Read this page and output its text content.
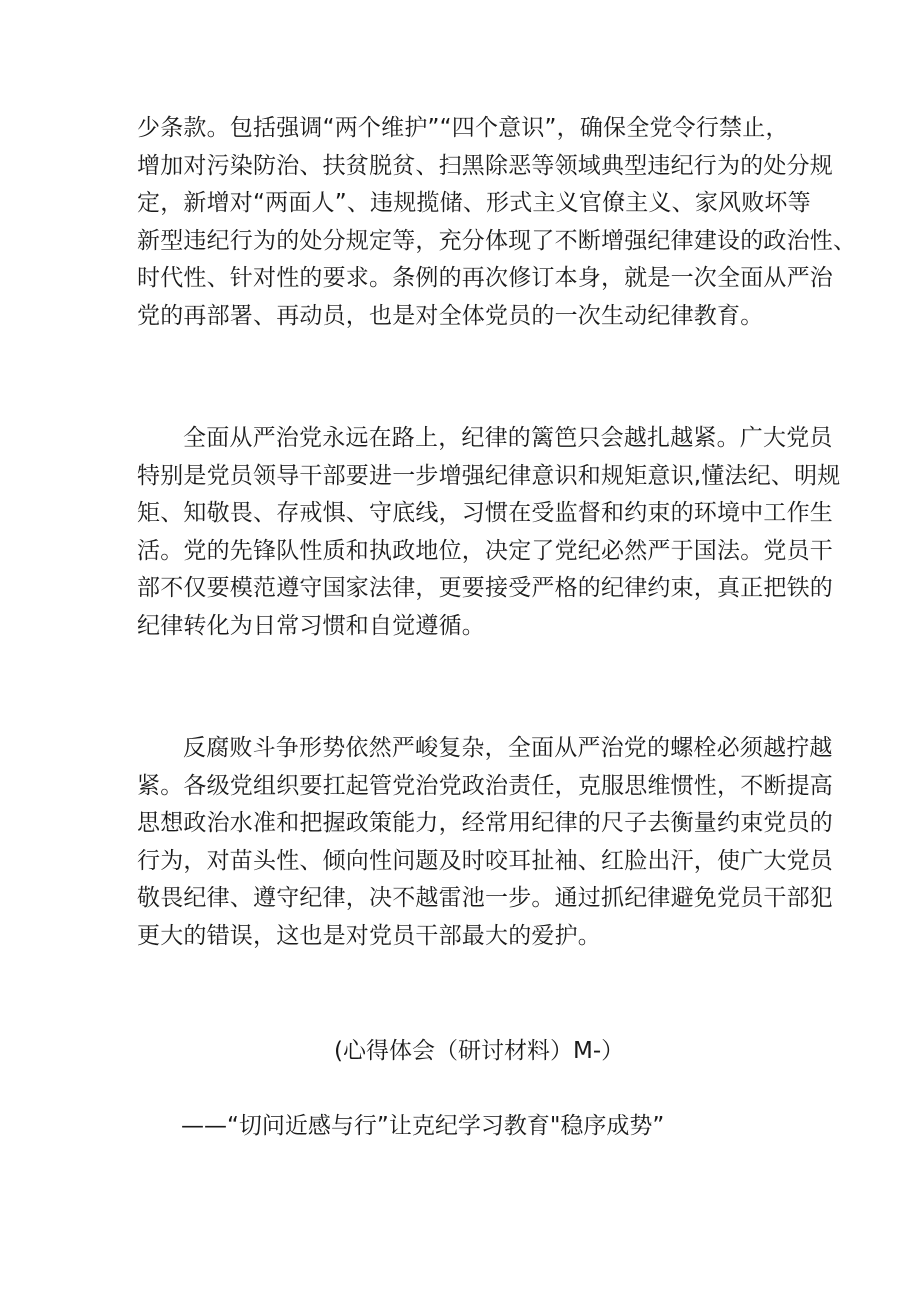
少条款。包括强调“两个维护”“四个意识”，确保全党令行禁止，
增加对污染防治、扶贫脱贫、扫黑除恶等领域典型违纪行为的处分规
定，新增对“两面人”、违规揽储、形式主义官僚主义、家风败坏等
新型违纪行为的处分规定等，充分体现了不断增强纪律建设的政治性、
时代性、针对性的要求。条例的再次修订本身，就是一次全面从严治
党的再部署、再动员，也是对全体党员的一次生动纪律教育。
全面从严治党永远在路上，纪律的篱笆只会越扎越紧。广大党员
特别是党员领导干部要进一步增强纪律意识和规矩意识,懂法纪、明规
矩、知敬畏、存戒惧、守底线，习惯在受监督和约束的环境中工作生
活。党的先锋队性质和执政地位，决定了党纪必然严于国法。党员干
部不仅要模范遵守国家法律，更要接受严格的纪律约束，真正把铁的
纪律转化为日常习惯和自觉遵循。
反腐败斗争形势依然严峻复杂，全面从严治党的螺栓必须越拧越
紧。各级党组织要扛起管党治党政治责任，克服思维惯性，不断提高
思想政治水准和把握政策能力，经常用纪律的尺子去衡量约束党员的
行为，对苗头性、倾向性问题及时咬耳扯袖、红脸出汗，使广大党员
敬畏纪律、遵守纪律，决不越雷池一步。通过抓纪律避免党员干部犯
更大的错误，这也是对党员干部最大的爱护。
(心得体会（研讨材料）M-）
——“切问近感与行”让克纪学习教育"稳序成势”
